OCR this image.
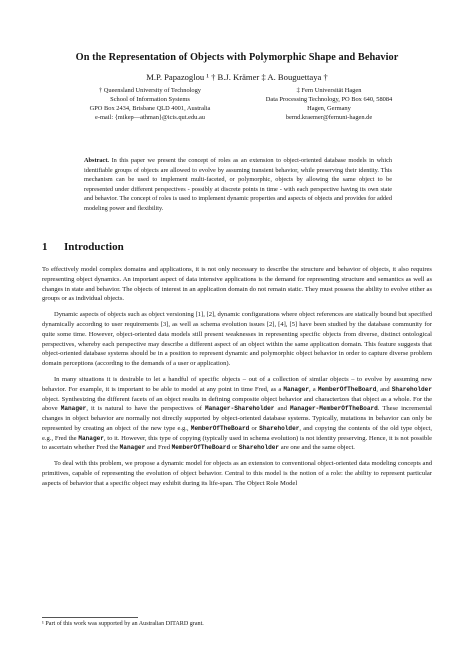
On the Representation of Objects with Polymorphic Shape and Behavior
M.P. Papazoglou ¹ † B.J. Krämer ‡ A. Bouguettaya †
† Queensland University of Technology
School of Information Systems
GPO Box 2434, Brisbane QLD 4001, Australia
e-mail: {mikep—athman}@icis.qut.edu.au
‡ Fern Universität Hagen
Data Processing Technology, PO Box 640, 58084
Hagen, Germany
bernd.kraemer@fernuni-hagen.de
Abstract. In this paper we present the concept of roles as an extension to object-oriented database models in which identifiable groups of objects are allowed to evolve by assuming transient behavior, while preserving their identity. This mechanism can be used to implement multi-faceted, or polymorphic, objects by allowing the same object to be represented under different perspectives - possibly at discrete points in time - with each perspective having its own state and behavior. The concept of roles is used to implement dynamic properties and aspects of objects and provides for added modeling power and flexibility.
1 Introduction

To effectively model complex domains and applications, it is not only necessary to describe the structure and behavior of objects, it also requires representing object dynamics. An important aspect of data intensive applications is the demand for representing structure and semantics as well as changes in state and behavior. The objects of interest in an application domain do not remain static. They must possess the ability to evolve either as groups or as individual objects.

Dynamic aspects of objects such as object versioning [1], [2], dynamic configurations where object references are statically bound but specified dynamically according to user requirements [3], as well as schema evolution issues [2], [4], [5] have been studied by the database community for quite some time. However, object-oriented data models still present weaknesses in representing specific objects from diverse, distinct ontological perspectives, whereby each perspective may describe a different aspect of an object within the same application domain. This feature suggests that object-oriented database systems should be in a position to represent dynamic and polymorphic object behavior in order to capture diverse problem domain perceptions (according to the demands of a user or application).

In many situations it is desirable to let a handful of specific objects – out of a collection of similar objects – to evolve by assuming new behavior. For example, it is important to be able to model at any point in time Fred, as a Manager, a MemberOfTheBoard, and Shareholder object. Synthesizing the different facets of an object results in defining composite object behavior and characterizes that object as a whole. For the above Manager, it is natural to have the perspectives of Manager-Shareholder and Manager-MemberOfTheBoard. These incremental changes in object behavior are normally not directly supported by object-oriented database systems. Typically, mutations in behavior can only be represented by creating an object of the new type e.g., MemberOfTheBoard or Shareholder, and copying the contents of the old type object, e.g., Fred the Manager, to it. However, this type of copying (typically used in schema evolution) is not identity preserving. Hence, it is not possible to ascertain whether Fred the Manager and Fred MemberOfTheBoard or Shareholder are one and the same object.

To deal with this problem, we propose a dynamic model for objects as an extension to conventional object-oriented data modeling concepts and primitives, capable of representing the evolution of object behavior. Central to this model is the notion of a role: the ability to represent particular aspects of behavior that a specific object may exhibit during its life-span. The Object Role Model

¹ Part of this work was supported by an Australian DITARD grant.
